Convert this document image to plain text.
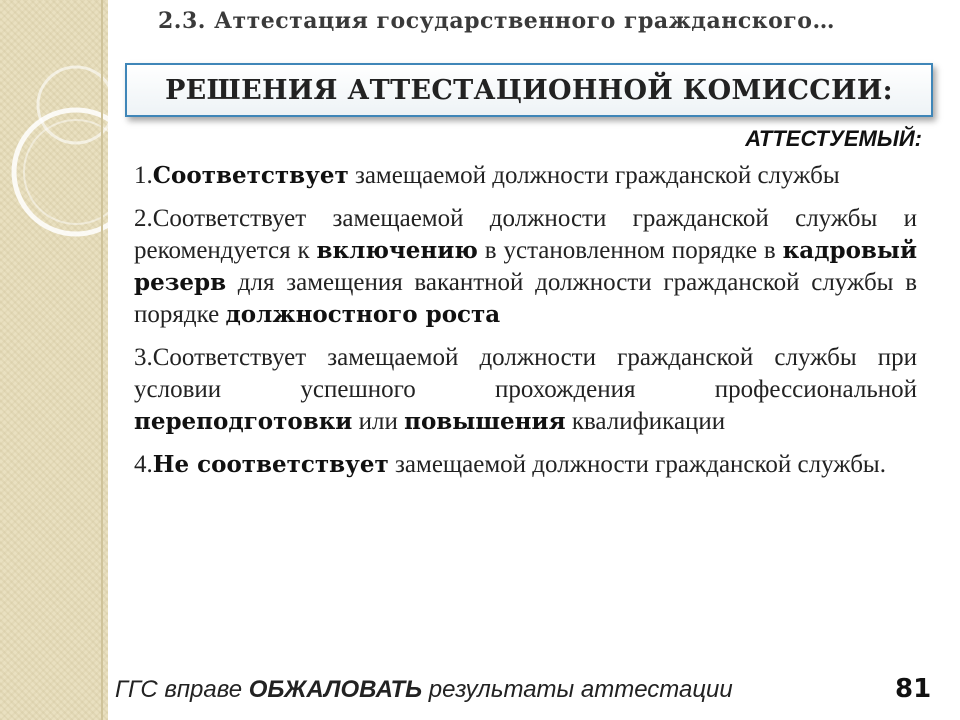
2.3. Аттестация государственного гражданского…
РЕШЕНИЯ АТТЕСТАЦИОННОЙ КОМИССИИ:
АТТЕСТУЕМЫЙ:

1.Соответствует замещаемой должности гражданской службы

2.Соответствует замещаемой должности гражданской службы и рекомендуется к включению в установленном порядке в кадровый резерв для замещения вакантной должности гражданской службы в порядке должностного роста

3.Соответствует замещаемой должности гражданской службы при условии успешного прохождения профессиональной переподготовки или повышения квалификации

4.Не соответствует замещаемой должности гражданской службы.

ГГС вправе ОБЖАЛОВАТЬ результаты аттестации	81
